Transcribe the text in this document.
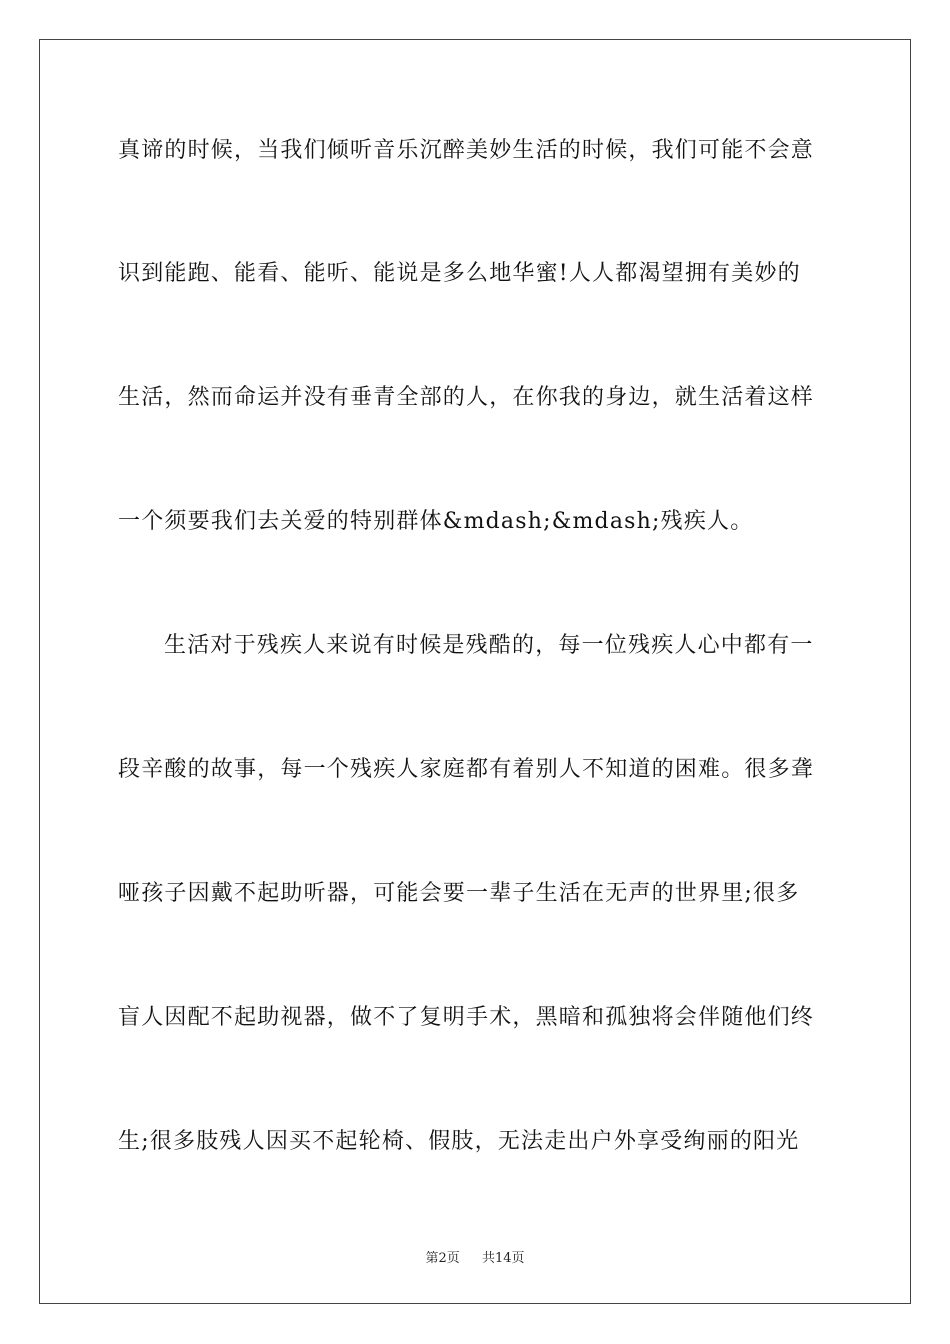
真谛的时候，当我们倾听音乐沉醉美妙生活的时候，我们可能不会意
识到能跑、能看、能听、能说是多么地华蜜!人人都渴望拥有美妙的
生活，然而命运并没有垂青全部的人，在你我的身边，就生活着这样
一个须要我们去关爱的特别群体&mdash;&mdash;残疾人。
生活对于残疾人来说有时候是残酷的，每一位残疾人心中都有一
段辛酸的故事，每一个残疾人家庭都有着别人不知道的困难。很多聋
哑孩子因戴不起助听器，可能会要一辈子生活在无声的世界里;很多
盲人因配不起助视器，做不了复明手术，黑暗和孤独将会伴随他们终
生;很多肢残人因买不起轮椅、假肢，无法走出户外享受绚丽的阳光
第2页 共14页
